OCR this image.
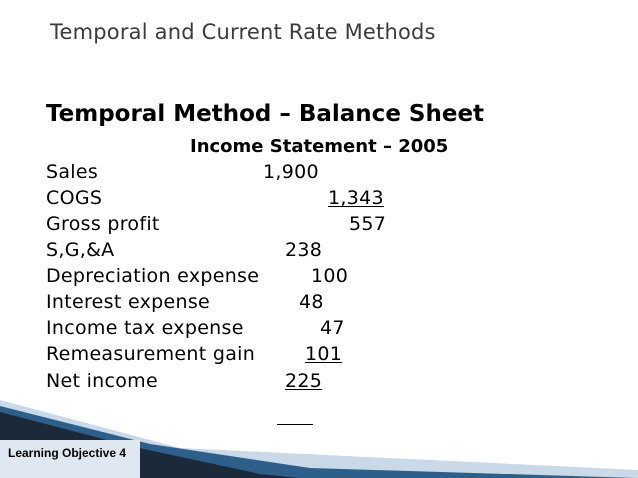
Temporal and Current Rate Methods
Temporal Method – Balance Sheet
Income Statement – 2005
Sales	1,900
COGS	1,343
Gross profit	557
S,G,&A	238
Depreciation expense	100
Interest expense	48
Income tax expense	47
Remeasurement gain	101
Net income	225
Learning Objective 4
